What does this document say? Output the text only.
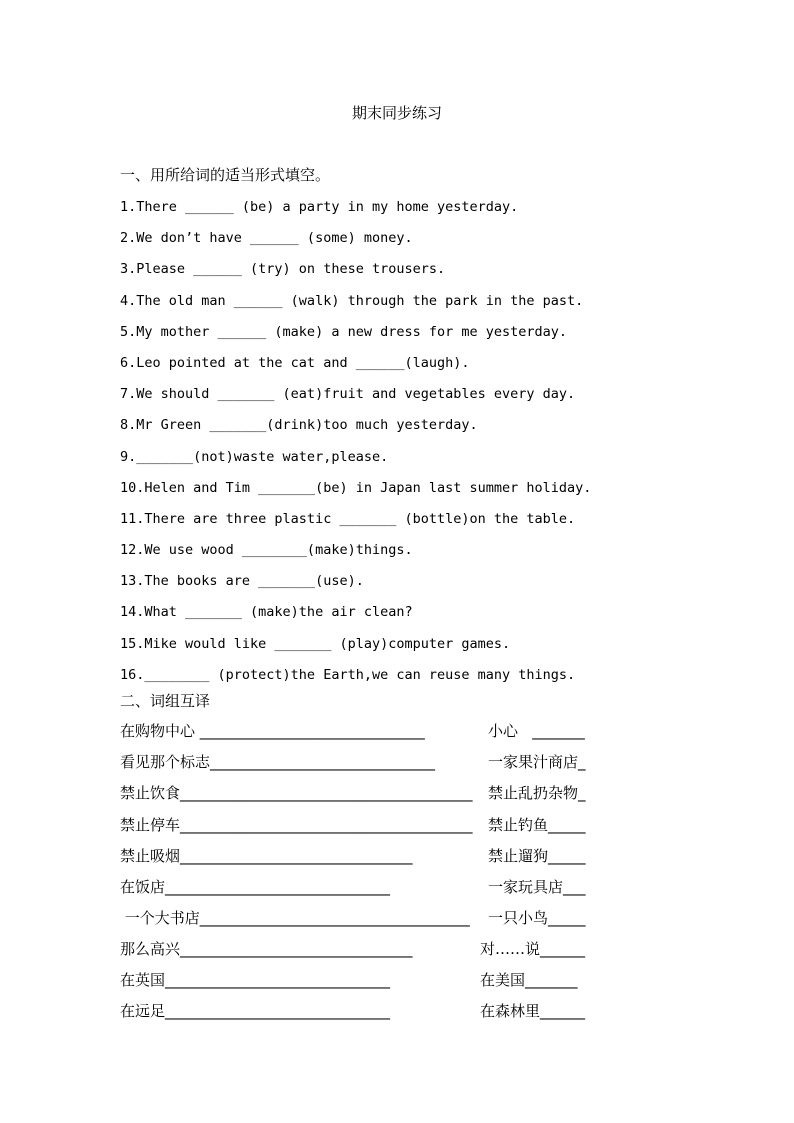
期末同步练习
一、用所给词的适当形式填空。
1.There ______ (be) a party in my home yesterday.
2.We don’t have ______ (some) money.
3.Please ______ (try) on these trousers.
4.The old man ______ (walk) through the park in the past.
5.My mother ______ (make) a new dress for me yesterday.
6.Leo pointed at the cat and ______(laugh).
7.We should _______ (eat)fruit and vegetables every day.
8.Mr Green _______(drink)too much yesterday.
9._______(not)waste water,please.
10.Helen and Tim _______(be) in Japan last summer holiday.
11.There are three plastic _______ (bottle)on the table.
12.We use wood ________(make)things.
13.The books are _______(use).
14.What _______ (make)the air clean?
15.Mike would like _______ (play)computer games.
16.________ (protect)the Earth,we can reuse many things.
二、词组互译
在购物中心 ______________________________	小心   _______
看见那个标志______________________________	一家果汁商店_
禁止饮食_______________________________________ 禁止乱扔杂物_
禁止停车_______________________________________ 禁止钓鱼_____
禁止吸烟_______________________________	禁止遛狗_____
在饭店______________________________	一家玩具店___
一个大书店____________________________________ 一只小鸟_____
那么高兴_______________________________	对……说______
在英国______________________________	在美国_______
在远足______________________________	在森林里______
